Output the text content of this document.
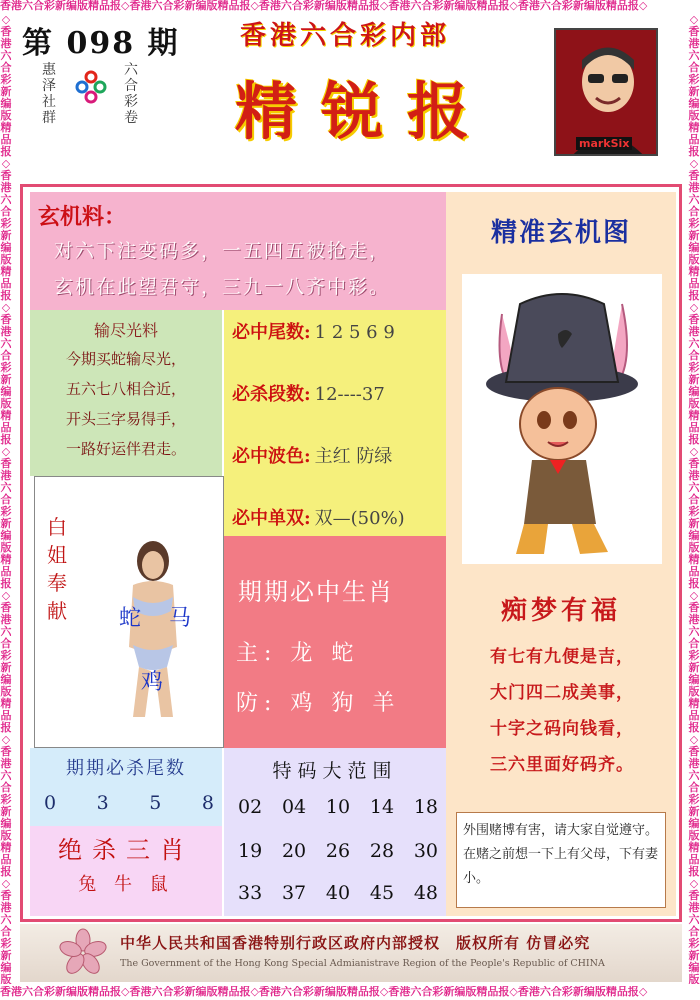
香港六合彩新编版精品报◇香港六合彩新编版精品报◇香港六合彩新编版精品报◇香港六合彩新编版精品报◇香港六合彩新编版精品报◇
香港六合彩新编版精品报◇香港六合彩新编版精品报◇香港六合彩新编版精品报◇香港六合彩新编版精品报◇香港六合彩新编版精品报◇
◇香港六合彩新编版精品报◇香港六合彩新编版精品报◇香港六合彩新编版精品报◇香港六合彩新编版精品报◇香港六合彩新编版精品报◇香港六合彩新编版精品报◇香港六合彩新编版
◇香港六合彩新编版精品报◇香港六合彩新编版精品报◇香港六合彩新编版精品报◇香港六合彩新编版精品报◇香港六合彩新编版精品报◇香港六合彩新编版精品报◇香港六合彩新编版
第 098 期
惠泽社群
六合彩卷
香港六合彩内部
精锐报	markSix
玄机料：
对六下注变码多，一五四五被抢走，
玄机在此望君守，三九一八齐中彩。
输尽光料
今期买蛇输尽光，
五六七八相合近，
开头三字易得手，
一路好运伴君走。
必中尾数: 1 2 5 6 9
必杀段数: 12----37
必中波色: 主红 防绿
必中单双: 双—(50%)
白姐奉献 蛇 马
鸡
期期必中生肖
主: 龙 蛇
防: 鸡 狗 羊
期期必杀尾数
0 3 5 8
绝杀三肖
兔 牛 鼠
特码大范围
02 04 10 14 18
19 20 26 28 30
33 37 40 45 48
精准玄机图
痴梦有福
有七有九便是吉，
大门四二成美事，
十字之码向钱看，
三六里面好码齐。
外围赌博有害，请大家自觉遵守。在赌之前想一下上有父母，下有妻小。
中华人民共和国香港特别行政区政府内部授权　版权所有 仿冒必究
The Government of the Hong Kong Special Admianistrave Region of the People's Republic of CHINA
